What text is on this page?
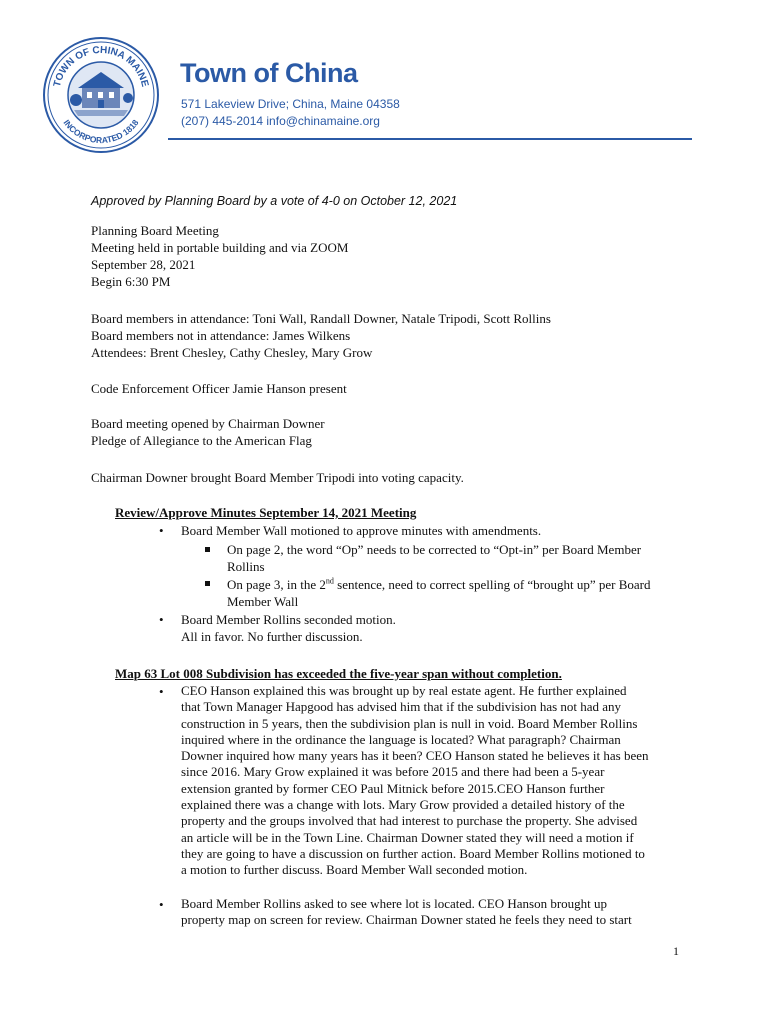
TOWN OF CHINA MAINE
INCORPORATED 1818
Town of China
571 Lakeview Drive; China, Maine 04358
(207) 445-2014 info@chinamaine.org
Approved by Planning Board by a vote of 4-0 on October 12, 2021
Planning Board Meeting
Meeting held in portable building and via ZOOM
September 28, 2021
Begin 6:30 PM
Board members in attendance: Toni Wall, Randall Downer, Natale Tripodi, Scott Rollins
Board members not in attendance: James Wilkens
Attendees: Brent Chesley, Cathy Chesley, Mary Grow
Code Enforcement Officer Jamie Hanson present
Board meeting opened by Chairman Downer
Pledge of Allegiance to the American Flag
Chairman Downer brought Board Member Tripodi into voting capacity.
Review/Approve Minutes September 14, 2021 Meeting
• Board Member Wall motioned to approve minutes with amendments.
On page 2, the word “Op” needs to be corrected to “Opt-in” per Board Member
Rollins
On page 3, in the 2nd sentence, need to correct spelling of “brought up” per Board
Member Wall
• Board Member Rollins seconded motion.
All in favor. No further discussion.
Map 63 Lot 008 Subdivision has exceeded the five-year span without completion.
• CEO Hanson explained this was brought up by real estate agent. He further explained
that Town Manager Hapgood has advised him that if the subdivision has not had any
construction in 5 years, then the subdivision plan is null in void. Board Member Rollins
inquired where in the ordinance the language is located? What paragraph? Chairman
Downer inquired how many years has it been? CEO Hanson stated he believes it has been
since 2016. Mary Grow explained it was before 2015 and there had been a 5-year
extension granted by former CEO Paul Mitnick before 2015.CEO Hanson further
explained there was a change with lots. Mary Grow provided a detailed history of the
property and the groups involved that had interest to purchase the property. She advised
an article will be in the Town Line. Chairman Downer stated they will need a motion if
they are going to have a discussion on further action. Board Member Rollins motioned to
a motion to further discuss. Board Member Wall seconded motion.
• Board Member Rollins asked to see where lot is located. CEO Hanson brought up
property map on screen for review. Chairman Downer stated he feels they need to start
1
